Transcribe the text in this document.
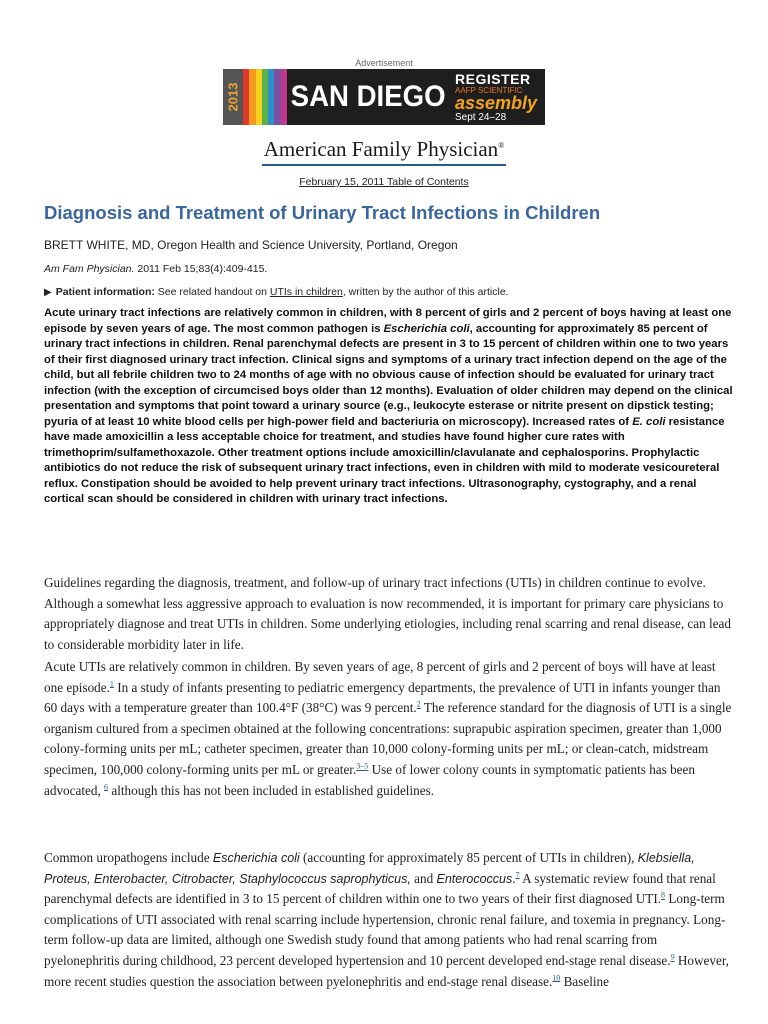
Advertisement
2013 SAN DIEGO
REGISTER
AAFP SCIENTIFIC
assembly
Sept 24–28
American Family Physician®
February 15, 2011 Table of Contents
Diagnosis and Treatment of Urinary Tract Infections in Children
BRETT WHITE, MD, Oregon Health and Science University, Portland, Oregon
Am Fam Physician. 2011 Feb 15;83(4):409-415.
▶ Patient information: See related handout on UTIs in children, written by the author of this article.
Acute urinary tract infections are relatively common in children, with 8 percent of girls and 2 percent of boys having at least one episode by seven years of age. The most common pathogen is Escherichia coli, accounting for approximately 85 percent of urinary tract infections in children. Renal parenchymal defects are present in 3 to 15 percent of children within one to two years of their first diagnosed urinary tract infection. Clinical signs and symptoms of a urinary tract infection depend on the age of the child, but all febrile children two to 24 months of age with no obvious cause of infection should be evaluated for urinary tract infection (with the exception of circumcised boys older than 12 months). Evaluation of older children may depend on the clinical presentation and symptoms that point toward a urinary source (e.g., leukocyte esterase or nitrite present on dipstick testing; pyuria of at least 10 white blood cells per high-power field and bacteriuria on microscopy). Increased rates of E. coli resistance have made amoxicillin a less acceptable choice for treatment, and studies have found higher cure rates with trimethoprim/sulfamethoxazole. Other treatment options include amoxicillin/clavulanate and cephalosporins. Prophylactic antibiotics do not reduce the risk of subsequent urinary tract infections, even in children with mild to moderate vesicoureteral reflux. Constipation should be avoided to help prevent urinary tract infections. Ultrasonography, cystography, and a renal cortical scan should be considered in children with urinary tract infections.
Guidelines regarding the diagnosis, treatment, and follow-up of urinary tract infections (UTIs) in children continue to evolve. Although a somewhat less aggressive approach to evaluation is now recommended, it is important for primary care physicians to appropriately diagnose and treat UTIs in children. Some underlying etiologies, including renal scarring and renal disease, can lead to considerable morbidity later in life.
Acute UTIs are relatively common in children. By seven years of age, 8 percent of girls and 2 percent of boys will have at least one episode.$^1$ In a study of infants presenting to pediatric emergency departments, the prevalence of UTI in infants younger than 60 days with a temperature greater than 100.4°F (38°C) was 9 percent.$^2$ The reference standard for the diagnosis of UTI is a single organism cultured from a specimen obtained at the following concentrations: suprapubic aspiration specimen, greater than 1,000 colony-forming units per mL; catheter specimen, greater than 10,000 colony-forming units per mL; or clean-catch, midstream specimen, 100,000 colony-forming units per mL or greater.$^{3-5}$ Use of lower colony counts in symptomatic patients has been advocated, $^6$ although this has not been included in established guidelines.
Common uropathogens include Escherichia coli (accounting for approximately 85 percent of UTIs in children), Klebsiella, Proteus, Enterobacter, Citrobacter, Staphylococcus saprophyticus, and Enterococcus.$^7$ A systematic review found that renal parenchymal defects are identified in 3 to 15 percent of children within one to two years of their first diagnosed UTI.$^8$ Long-term complications of UTI associated with renal scarring include hypertension, chronic renal failure, and toxemia in pregnancy. Long-term follow-up data are limited, although one Swedish study found that among patients who had renal scarring from pyelonephritis during childhood, 23 percent developed hypertension and 10 percent developed end-stage renal disease.$^9$ However, more recent studies question the association between pyelonephritis and end-stage renal disease.$^{10}$ Baseline
